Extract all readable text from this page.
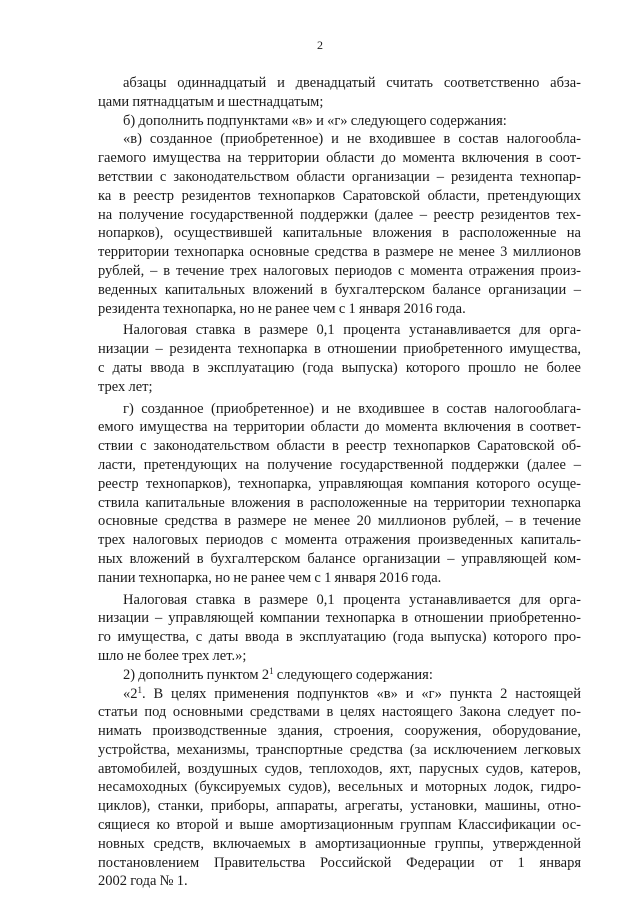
2
абзацы одиннадцатый и двенадцатый считать соответственно абза-
цами пятнадцатым и шестнадцатым;
б) дополнить подпунктами «в» и «г» следующего содержания:
«в) созданное (приобретенное) и не входившее в состав налогообла-
гаемого имущества на территории области до момента включения в соот-
ветствии с законодательством области организации – резидента технопар-
ка в реестр резидентов технопарков Саратовской области, претендующих
на получение государственной поддержки (далее – реестр резидентов тех-
нопарков), осуществившей капитальные вложения в расположенные на
территории технопарка основные средства в размере не менее 3 миллионов
рублей, – в течение трех налоговых периодов с момента отражения произ-
веденных капитальных вложений в бухгалтерском балансе организации –
резидента технопарка, но не ранее чем с 1 января 2016 года.
Налоговая ставка в размере 0,1 процента устанавливается для орга-
низации – резидента технопарка в отношении приобретенного имущества,
с даты ввода в эксплуатацию (года выпуска) которого прошло не более
трех лет;
г) созданное (приобретенное) и не входившее в состав налогооблага-
емого имущества на территории области до момента включения в соответ-
ствии с законодательством области в реестр технопарков Саратовской об-
ласти, претендующих на получение государственной поддержки (далее –
реестр технопарков), технопарка, управляющая компания которого осуще-
ствила капитальные вложения в расположенные на территории технопарка
основные средства в размере не менее 20 миллионов рублей, – в течение
трех налоговых периодов с момента отражения произведенных капиталь-
ных вложений в бухгалтерском балансе организации – управляющей ком-
пании технопарка, но не ранее чем с 1 января 2016 года.
Налоговая ставка в размере 0,1 процента устанавливается для орга-
низации – управляющей компании технопарка в отношении приобретенно-
го имущества, с даты ввода в эксплуатацию (года выпуска) которого про-
шло не более трех лет.»;
2) дополнить пунктом $2^1$ следующего содержания:
«$2^1$. В целях применения подпунктов «в» и «г» пункта 2 настоящей
статьи под основными средствами в целях настоящего Закона следует по-
нимать производственные здания, строения, сооружения, оборудование,
устройства, механизмы, транспортные средства (за исключением легковых
автомобилей, воздушных судов, теплоходов, яхт, парусных судов, катеров,
несамоходных (буксируемых судов), весельных и моторных лодок, гидро-
циклов), станки, приборы, аппараты, агрегаты, установки, машины, отно-
сящиеся ко второй и выше амортизационным группам Классификации ос-
новных средств, включаемых в амортизационные группы, утвержденной
постановлением Правительства Российской Федерации от 1 января
2002 года № 1.
